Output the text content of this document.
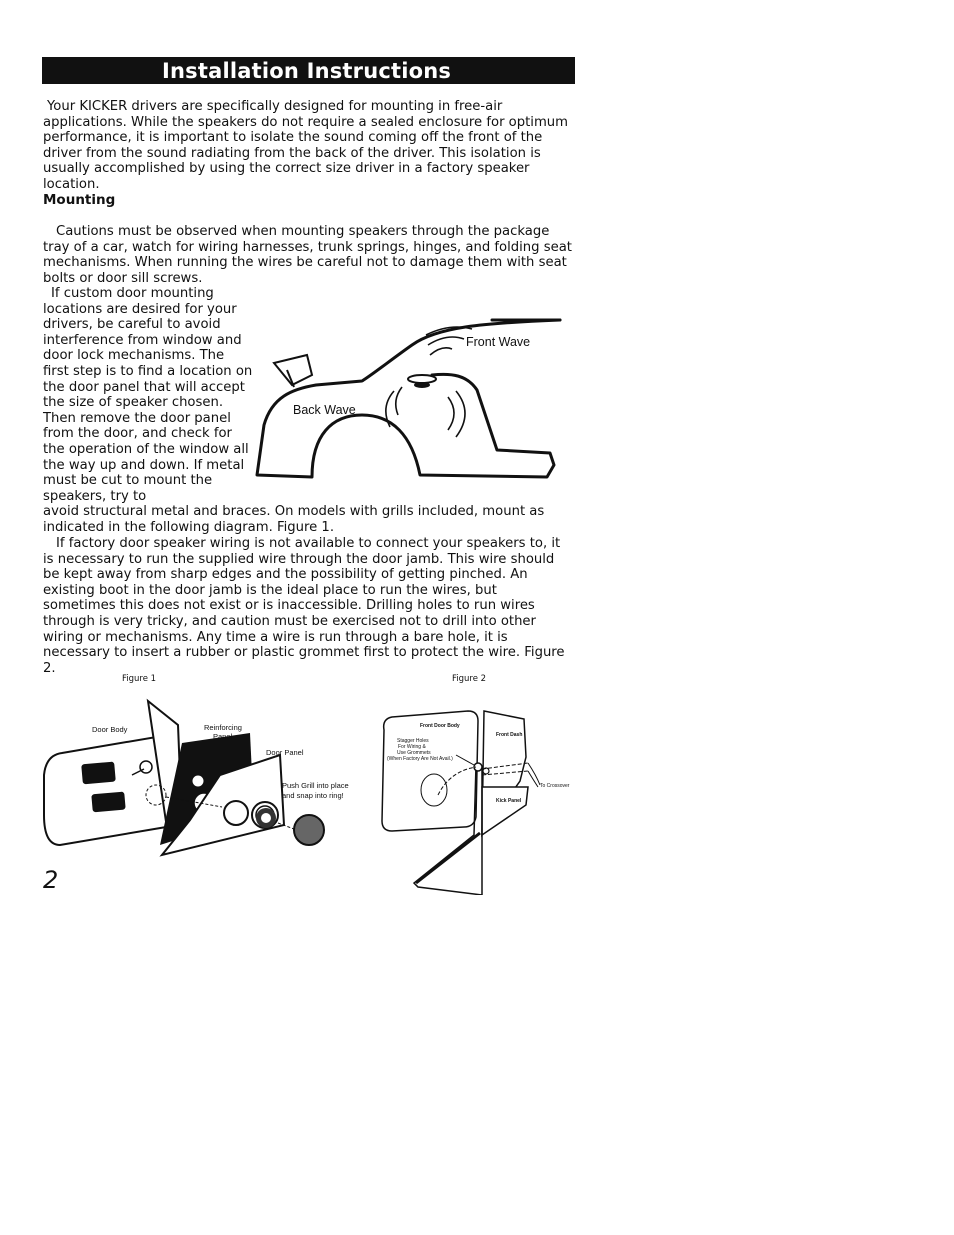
Installation Instructions

Your KICKER drivers are specifically designed for mounting in free-air applications. While the speakers do not require a sealed enclosure for optimum performance, it is important to isolate the sound coming off the front of the driver from the sound radiating from the back of the driver. This isolation is usually accomplished by using the correct size driver in a factory speaker location.

Mounting

Cautions must be observed when mounting speakers through the package tray of a car, watch for wiring harnesses, trunk springs, hinges, and folding seat mechanisms. When running the wires be careful not to damage them with seat bolts or door sill screws.

If custom door mounting locations are desired for your drivers, be careful to avoid interference from window and door lock mechanisms. The first step is to find a location on the door panel that will accept the size of speaker chosen. Then remove the door panel from the door, and check for the operation of the window all the way up and down. If metal must be cut to mount the speakers, try to

avoid structural metal and braces. On models with grills included, mount as indicated in the following diagram. Figure 1.

If factory door speaker wiring is not available to connect your speakers to, it is necessary to run the supplied wire through the door jamb. This wire should be kept away from sharp edges and the possibility of getting pinched. An existing boot in the door jamb is the ideal place to run the wires, but sometimes this does not exist or is inaccessible. Drilling holes to run wires through is very tricky, and caution must be exercised not to drill into other wiring or mechanisms. Any time a wire is run through a bare hole, it is necessary to insert a rubber or plastic grommet first to protect the wire. Figure 2.

Front Wave
Back Wave
Figure 1	Figure 2
Door Body	Reinforcing
Panel
Door Panel
Push Grill into place
and snap into ring!
Front Door Body
Front Dash
Stagger Holes
For Wiring &
Use Grommets
(When Factory Are Not Avail.)
Kick Panel
To Crossover
2
